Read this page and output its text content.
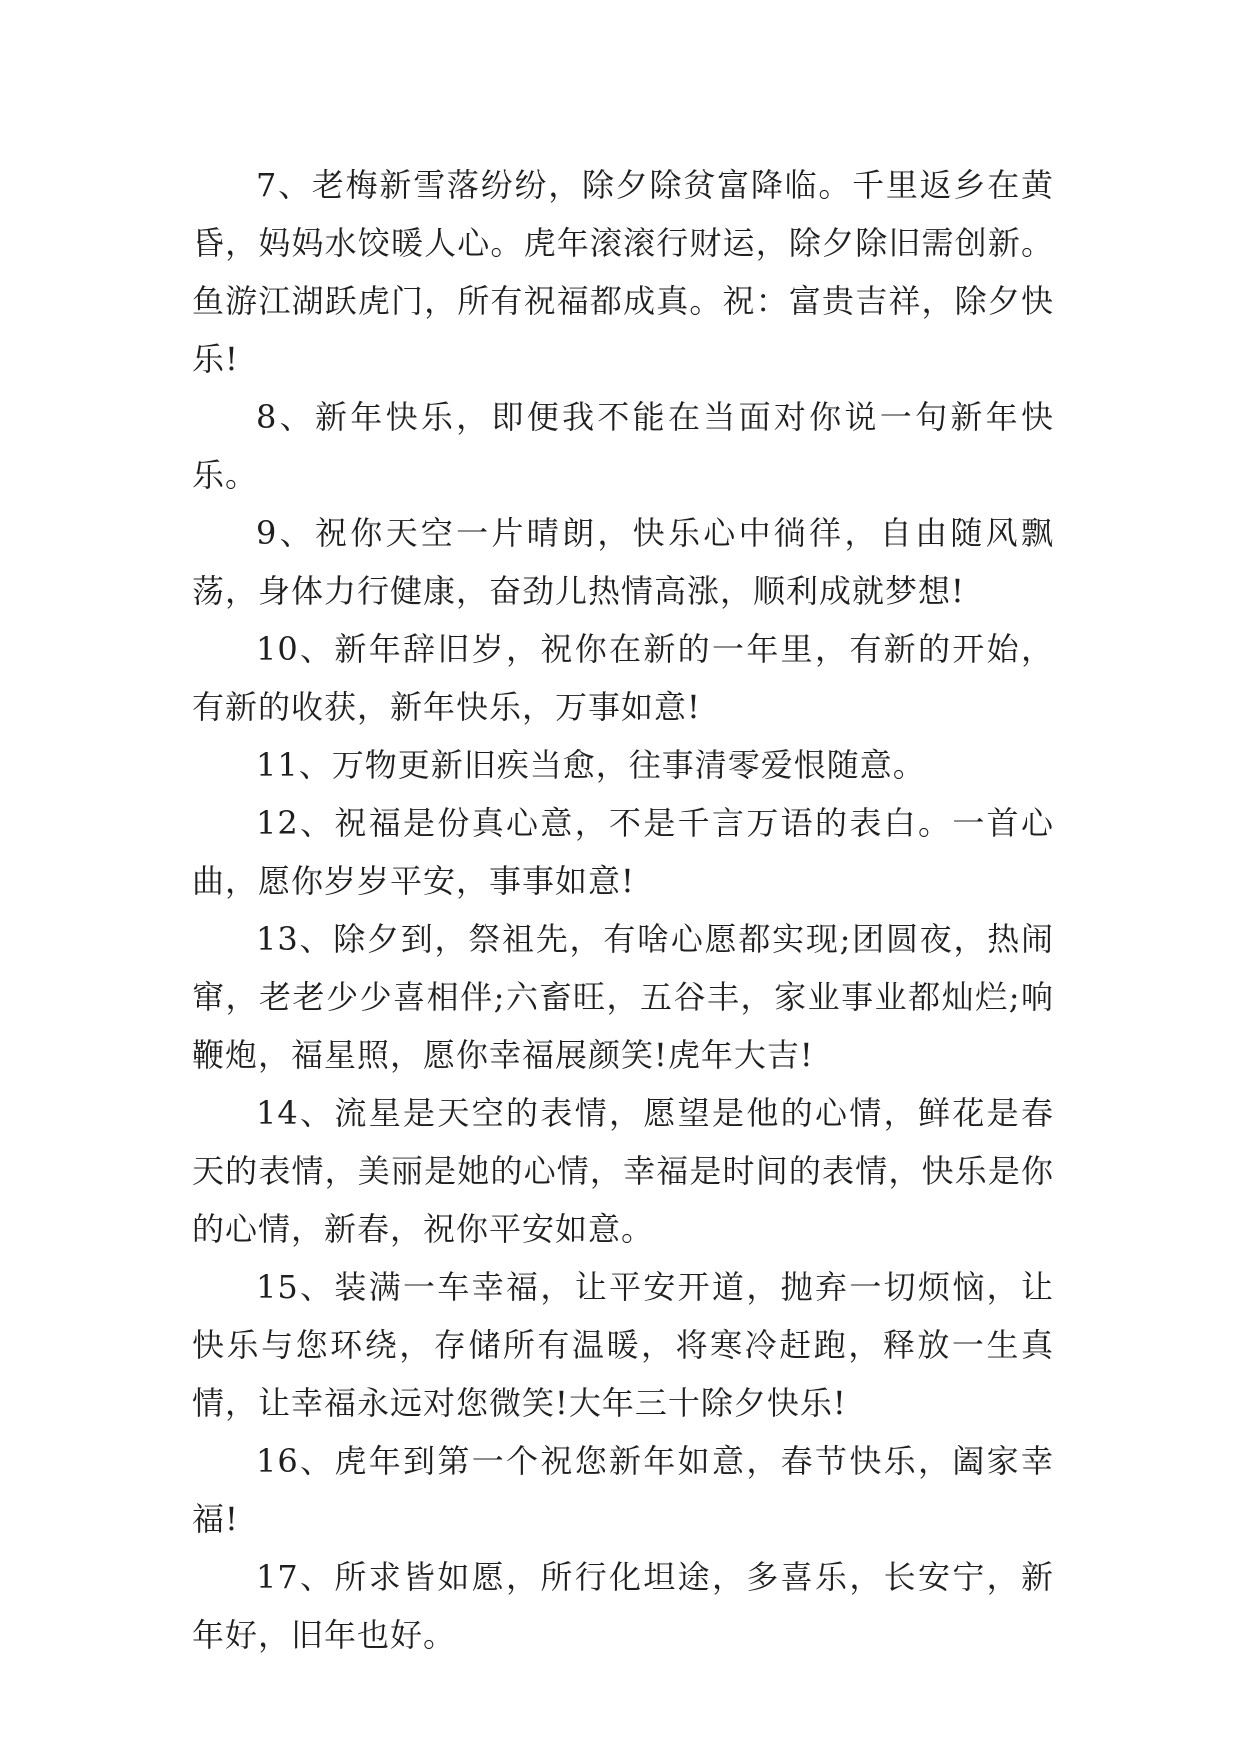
7、老梅新雪落纷纷，除夕除贫富降临。千里返乡在黄昏，妈妈水饺暖人心。虎年滚滚行财运，除夕除旧需创新。鱼游江湖跃虎门，所有祝福都成真。祝：富贵吉祥，除夕快乐!

8、新年快乐，即便我不能在当面对你说一句新年快乐。

9、祝你天空一片晴朗，快乐心中徜徉，自由随风飘荡，身体力行健康，奋劲儿热情高涨，顺利成就梦想!

10、新年辞旧岁，祝你在新的一年里，有新的开始，有新的收获，新年快乐，万事如意!

11、万物更新旧疾当愈，往事清零爱恨随意。

12、祝福是份真心意，不是千言万语的表白。一首心曲，愿你岁岁平安，事事如意!

13、除夕到，祭祖先，有啥心愿都实现;团圆夜，热闹窜，老老少少喜相伴;六畜旺，五谷丰，家业事业都灿烂;响鞭炮，福星照，愿你幸福展颜笑!虎年大吉!

14、流星是天空的表情，愿望是他的心情，鲜花是春天的表情，美丽是她的心情，幸福是时间的表情，快乐是你的心情，新春，祝你平安如意。

15、装满一车幸福，让平安开道，抛弃一切烦恼，让快乐与您环绕，存储所有温暖，将寒冷赶跑，释放一生真情，让幸福永远对您微笑!大年三十除夕快乐!

16、虎年到第一个祝您新年如意，春节快乐，阖家幸福!

17、所求皆如愿，所行化坦途，多喜乐，长安宁，新年好，旧年也好。
